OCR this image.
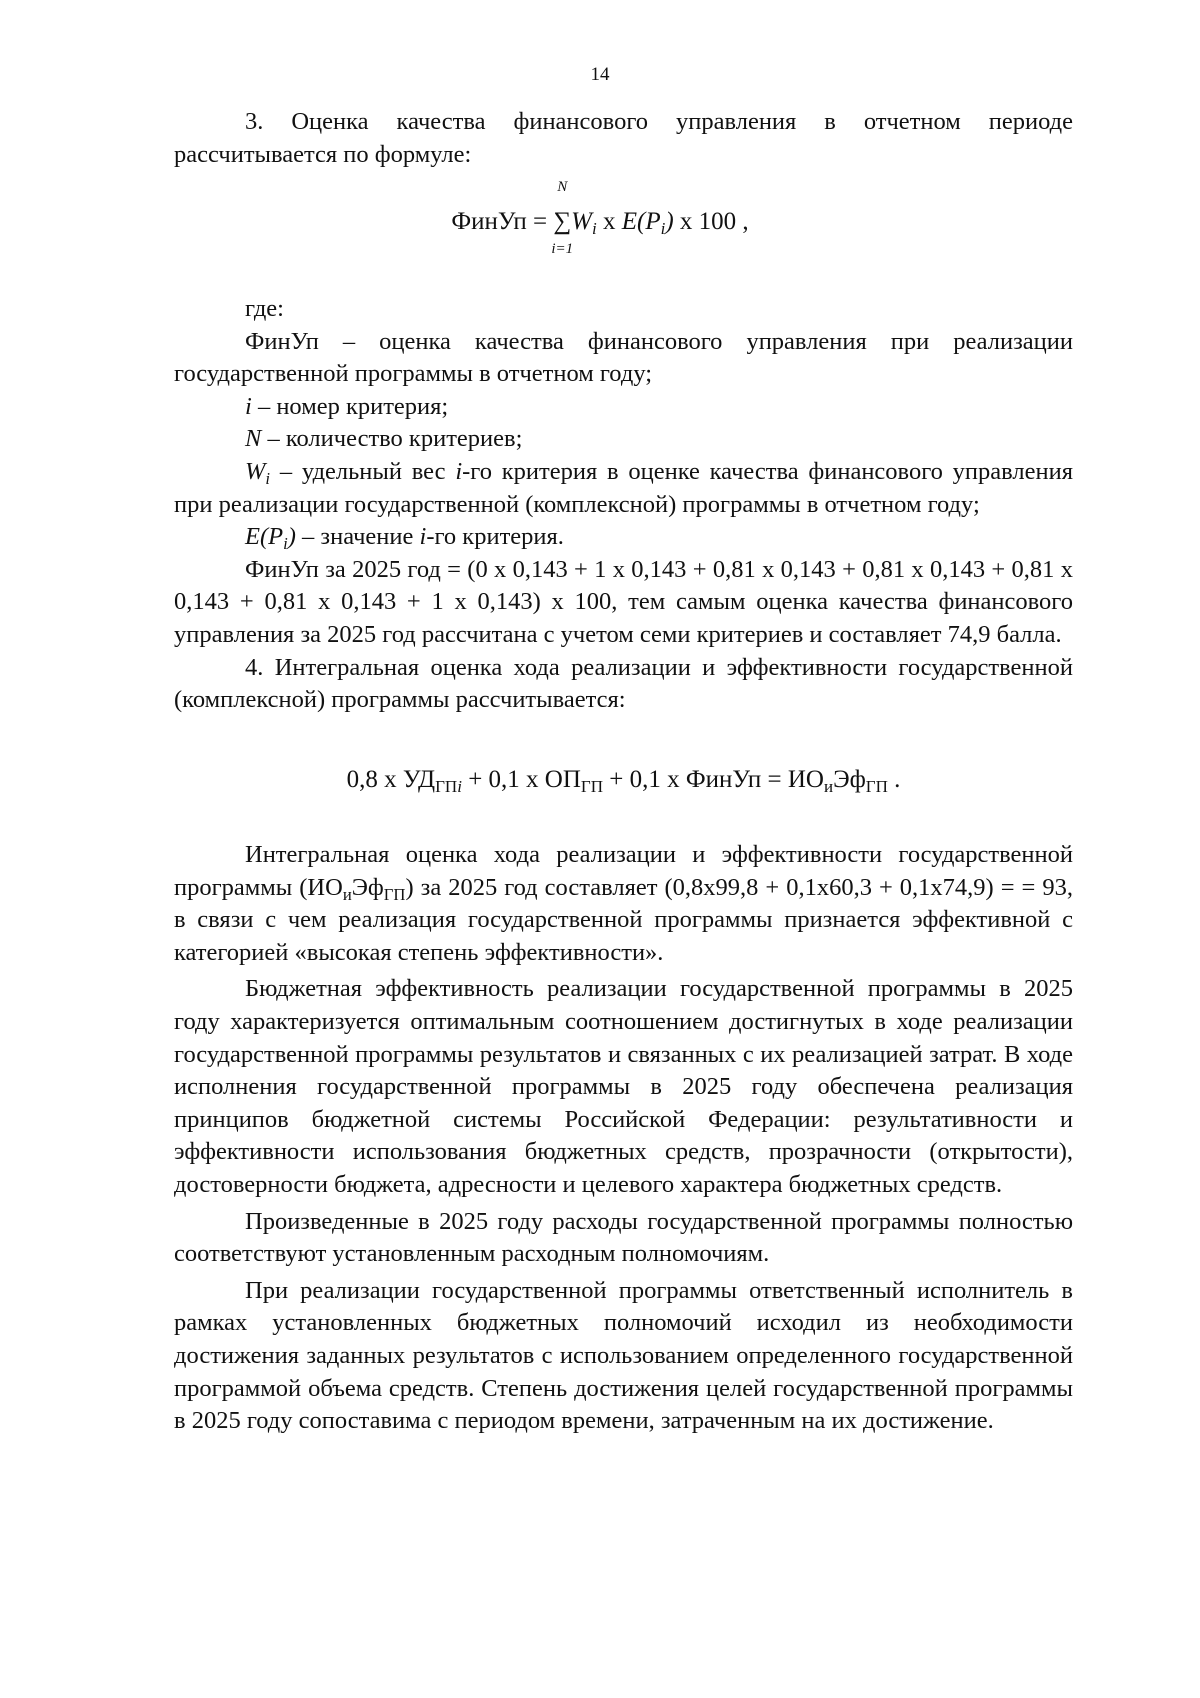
14

3. Оценка качества финансового управления в отчетном периоде рассчитывается по формуле:

ФинУп =
N
∑
i=1
$W_i$ х $E(P_i)$ х 100 ,

где:

ФинУп – оценка качества финансового управления при реализации государственной программы в отчетном году;

i – номер критерия;

N – количество критериев;

$W_i$ – удельный вес i-го критерия в оценке качества финансового управления при реализации государственной (комплексной) программы в отчетном году;

$E(P_i)$ – значение i-го критерия.

ФинУп за 2025 год = (0 х 0,143 + 1 х 0,143 + 0,81 х 0,143 + 0,81 х 0,143 + 0,81 х 0,143 + 0,81 х 0,143 + 1 х 0,143) х 100, тем самым оценка качества финансового управления за 2025 год рассчитана с учетом семи критериев и составляет 74,9 балла.

4. Интегральная оценка хода реализации и эффективности государственной (комплексной) программы рассчитывается:

0,8 х $УД_{ГПi} + 0,1$ х $ОП_{ГП} + 0,1$ х ФинУп = $ИО_иЭф_{ГП}$ .

Интегральная оценка хода реализации и эффективности государственной программы $(ИО_иЭф_{ГП})$ за 2025 год составляет (0,8х99,8 + 0,1х60,3 + 0,1х74,9) = = 93, в связи с чем реализация государственной программы признается эффективной с категорией «высокая степень эффективности».

Бюджетная эффективность реализации государственной программы в 2025 году характеризуется оптимальным соотношением достигнутых в ходе реализации государственной программы результатов и связанных с их реализацией затрат. В ходе исполнения государственной программы в 2025 году обеспечена реализация принципов бюджетной системы Российской Федерации: результативности и эффективности использования бюджетных средств, прозрачности (открытости), достоверности бюджета, адресности и целевого характера бюджетных средств.

Произведенные в 2025 году расходы государственной программы полностью соответствуют установленным расходным полномочиям.

При реализации государственной программы ответственный исполнитель в рамках установленных бюджетных полномочий исходил из необходимости достижения заданных результатов с использованием определенного государственной программой объема средств. Степень достижения целей государственной программы в 2025 году сопоставима с периодом времени, затраченным на их достижение.
